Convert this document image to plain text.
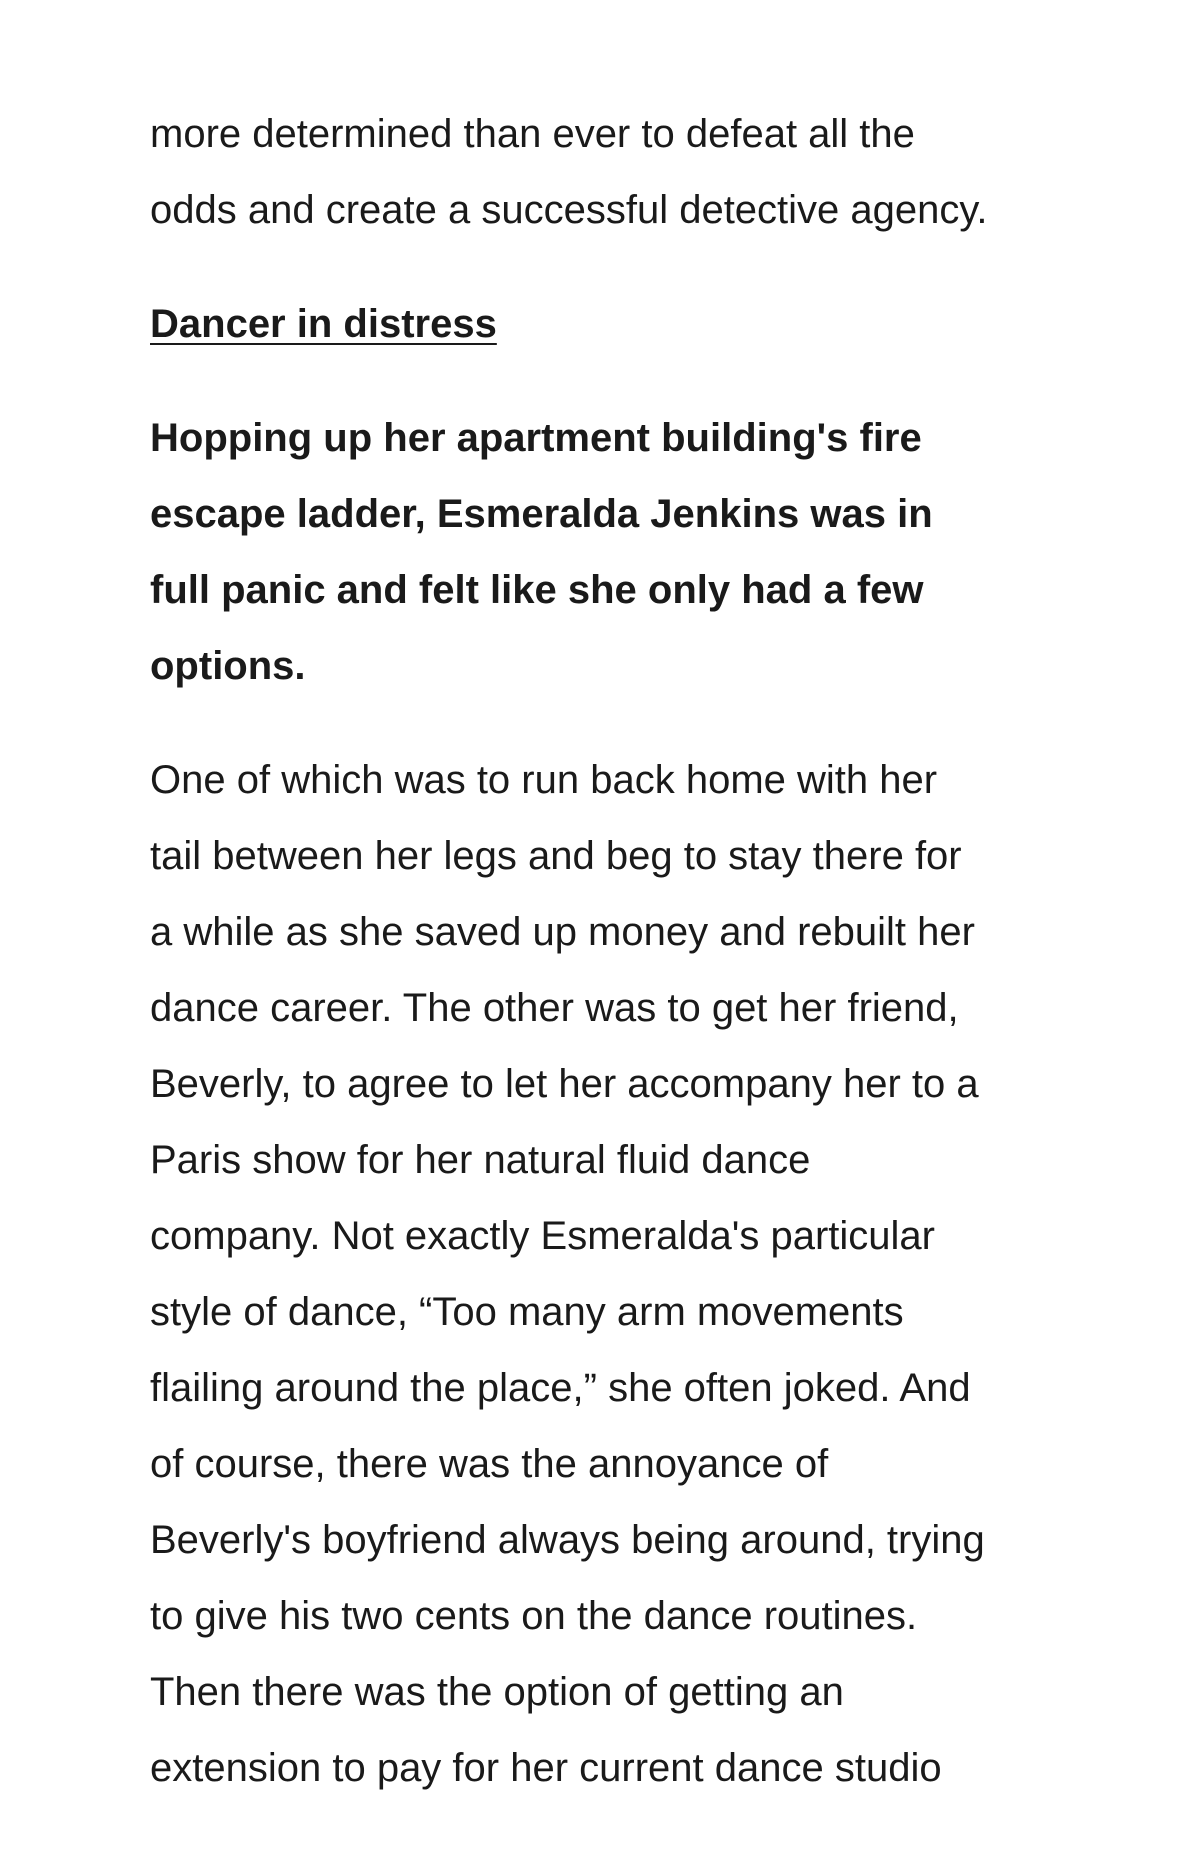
more determined than ever to defeat all the
odds and create a successful detective agency.

Dancer in distress

Hopping up her apartment building's fire
escape ladder, Esmeralda Jenkins was in
full panic and felt like she only had a few
options.

One of which was to run back home with her
tail between her legs and beg to stay there for
a while as she saved up money and rebuilt her
dance career. The other was to get her friend,
Beverly, to agree to let her accompany her to a
Paris show for her natural fluid dance
company. Not exactly Esmeralda's particular
style of dance, “Too many arm movements
flailing around the place,” she often joked. And
of course, there was the annoyance of
Beverly's boyfriend always being around, trying
to give his two cents on the dance routines.
Then there was the option of getting an
extension to pay for her current dance studio
